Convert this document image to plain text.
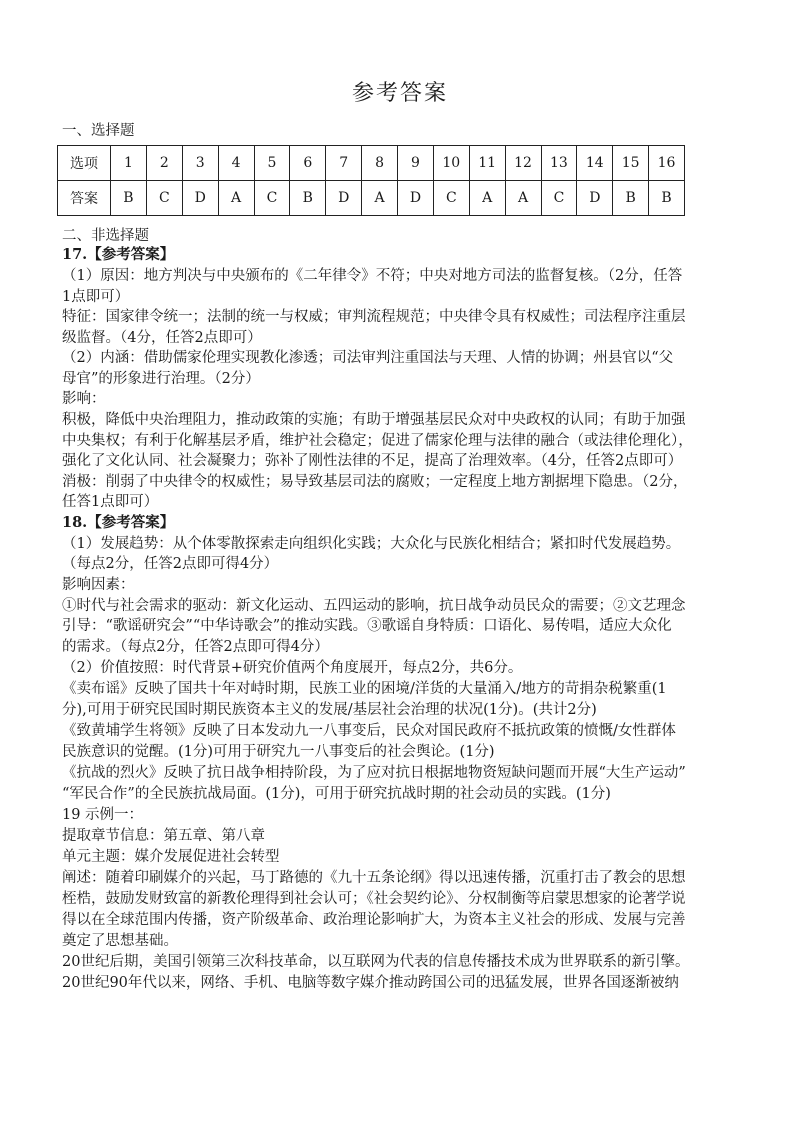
参考答案
一、选择题
选项	1	2	3	4	5	6	7	8	9	10	11	12	13	14	15	16
答案	B	C	D	A	C	B	D	A	D	C	A	A	C	D	B	B
二、非选择题
17.【参考答案】
（1）原因：地方判决与中央颁布的《二年律令》不符；中央对地方司法的监督复核。（2分，任答
1点即可）
特征：国家律令统一；法制的统一与权威；审判流程规范；中央律令具有权威性；司法程序注重层
级监督。（4分，任答2点即可）
（2）内涵：借助儒家伦理实现教化渗透；司法审判注重国法与天理、人情的协调；州县官以“父
母官”的形象进行治理。（2分）
影响：
积极，降低中央治理阻力，推动政策的实施；有助于增强基层民众对中央政权的认同；有助于加强
中央集权；有利于化解基层矛盾，维护社会稳定；促进了儒家伦理与法律的融合（或法律伦理化），
强化了文化认同、社会凝聚力；弥补了刚性法律的不足，提高了治理效率。（4分，任答2点即可）
消极：削弱了中央律令的权威性；易导致基层司法的腐败；一定程度上地方割据埋下隐患。（2分，
任答1点即可）
18.【参考答案】
（1）发展趋势：从个体零散探索走向组织化实践；大众化与民族化相结合；紧扣时代发展趋势。
（每点2分，任答2点即可得4分）
影响因素：
①时代与社会需求的驱动：新文化运动、五四运动的影响，抗日战争动员民众的需要；②文艺理念
引导：“歌谣研究会”“中华诗歌会”的推动实践。③歌谣自身特质：口语化、易传唱，适应大众化
的需求。（每点2分，任答2点即可得4分）
（2）价值按照：时代背景+研究价值两个角度展开，每点2分，共6分。
《卖布谣》反映了国共十年对峙时期，民族工业的困境/洋货的大量涌入/地方的苛捐杂税繁重(1
分),可用于研究民国时期民族资本主义的发展/基层社会治理的状况(1分)。(共计2分)
《致黄埔学生将领》反映了日本发动九一八事变后，民众对国民政府不抵抗政策的愤慨/女性群体
民族意识的觉醒。(1分)可用于研究九一八事变后的社会舆论。(1分)
《抗战的烈火》反映了抗日战争相持阶段，为了应对抗日根据地物资短缺问题而开展“大生产运动”
“军民合作”的全民族抗战局面。(1分)，可用于研究抗战时期的社会动员的实践。(1分)
19 示例一：
提取章节信息：第五章、第八章
单元主题：媒介发展促进社会转型
阐述：随着印刷媒介的兴起，马丁路德的《九十五条论纲》得以迅速传播，沉重打击了教会的思想
桎梏，鼓励发财致富的新教伦理得到社会认可；《社会契约论》、分权制衡等启蒙思想家的论著学说
得以在全球范围内传播，资产阶级革命、政治理论影响扩大，为资本主义社会的形成、发展与完善
奠定了思想基础。
20世纪后期，美国引领第三次科技革命，以互联网为代表的信息传播技术成为世界联系的新引擎。
20世纪90年代以来，网络、手机、电脑等数字媒介推动跨国公司的迅猛发展，世界各国逐渐被纳
